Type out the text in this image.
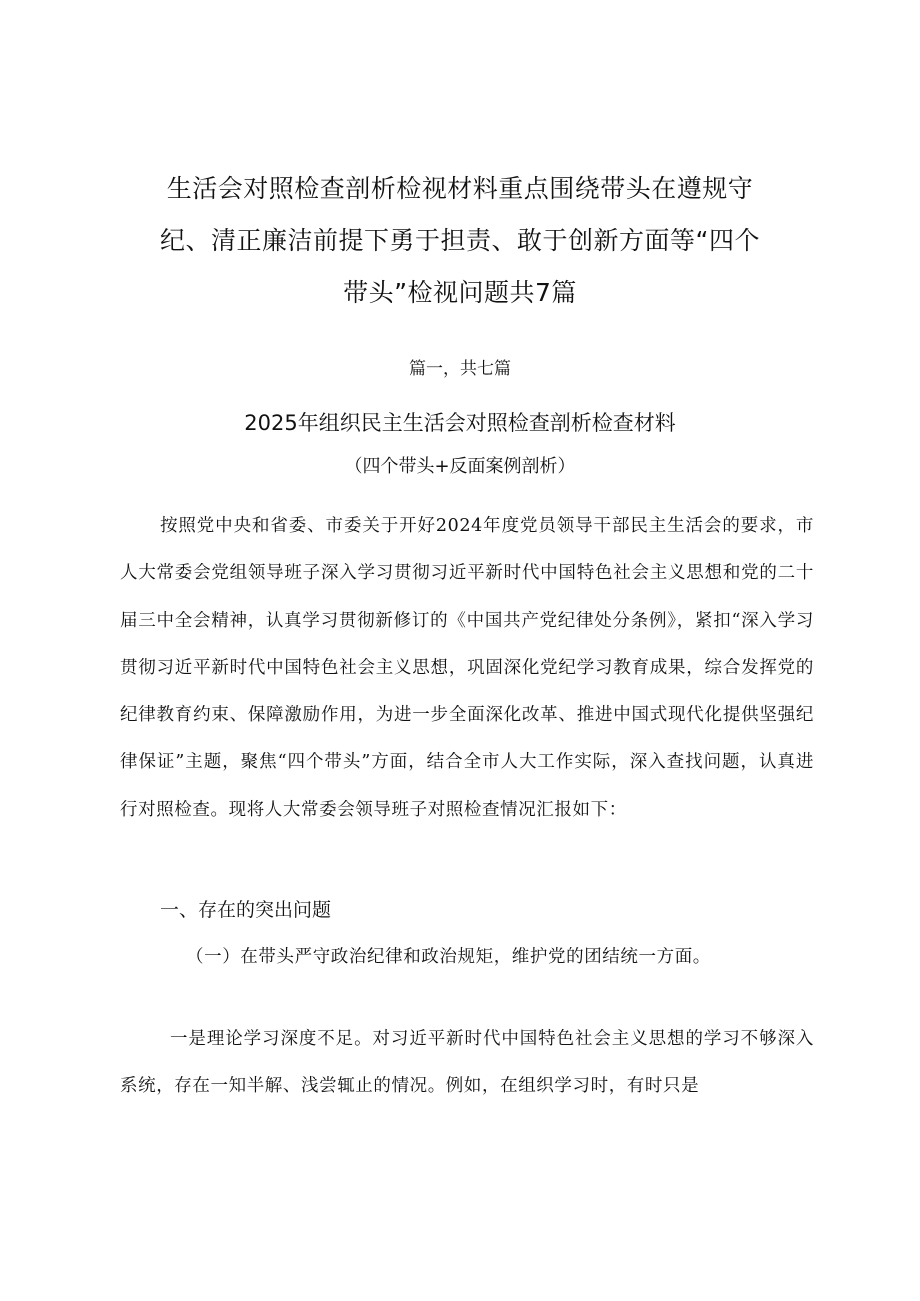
生活会对照检查剖析检视材料重点围绕带头在遵规守
纪、清正廉洁前提下勇于担责、敢于创新方面等“四个
带头”检视问题共7篇
篇一，共七篇
2025年组织民主生活会对照检查剖析检查材料
（四个带头+反面案例剖析）

按照党中央和省委、市委关于开好2024年度党员领导干部民主生活会的要求，市人大常委会党组领导班子深入学习贯彻习近平新时代中国特色社会主义思想和党的二十届三中全会精神，认真学习贯彻新修订的《中国共产党纪律处分条例》，紧扣“深入学习贯彻习近平新时代中国特色社会主义思想，巩固深化党纪学习教育成果，综合发挥党的纪律教育约束、保障激励作用，为进一步全面深化改革、推进中国式现代化提供坚强纪律保证”主题，聚焦“四个带头”方面，结合全市人大工作实际，深入查找问题，认真进行对照检查。现将人大常委会领导班子对照检查情况汇报如下：

一、存在的突出问题
（一）在带头严守政治纪律和政治规矩，维护党的团结统一方面。

一是理论学习深度不足。对习近平新时代中国特色社会主义思想的学习不够深入系统，存在一知半解、浅尝辄止的情况。例如，在组织学习时，有时只是
